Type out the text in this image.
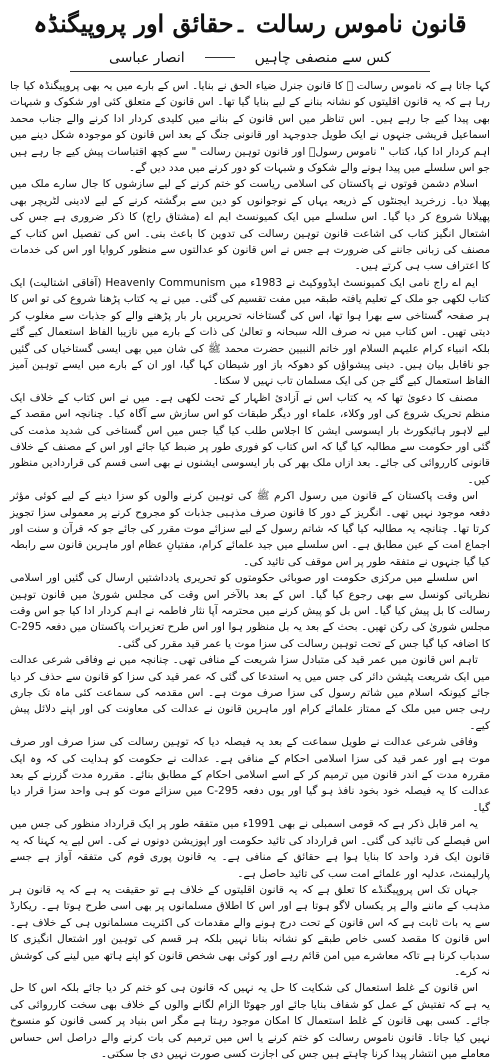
قانون ناموس رسالت ۔حقائق اور پروپیگنڈہ
کس سے منصفی چاہیں
انصار عباسی

کہا جاتا ہے کہ ناموس رسالت ﷺ کا قانون جنرل ضیاء الحق نے بنایا۔ اس کے بارے میں یہ بھی پروپیگنڈہ کیا جا رہا ہے کہ یہ قانون اقلیتوں کو نشانہ بنانے کے لیے بنایا گیا تھا۔ اس قانون کے متعلق کئی اور شکوک و شبہات بھی پیدا کیے جا رہے ہیں۔ اس تناظر میں اس قانون کے بنانے میں کلیدی کردار ادا کرنے والے جناب محمد اسماعیل قریشی جنہوں نے ایک طویل جدوجہد اور قانونی جنگ کے بعد اس قانون کو موجودہ شکل دینے میں اہم کردار ادا کیا، کتاب " ناموس رسولؐ اور قانون توہین رسالت " سے کچھ اقتباسات پیش کیے جا رہے ہیں جو اس سلسلے میں پیدا ہونے والے شکوک و شبہات کو دور کرنے میں مدد دیں گے۔

اسلام دشمن قوتوں نے پاکستان کی اسلامی ریاست کو ختم کرنے کے لیے سازشوں کا جال سارے ملک میں پھیلا دیا۔ زرخرید ایجنٹوں کے ذریعہ یہاں کے نوجوانوں کو دین سے برگشتہ کرنے کے لیے لادینی لٹریچر بھی پھیلانا شروع کر دیا گیا۔ اس سلسلے میں ایک کمیونسٹ ایم اے (مشتاق راج) کا ذکر ضروری ہے جس کی اشتعال انگیز کتاب کی اشاعت قانون توہین رسالت کی تدوین کا باعث بنی۔ اس کی تفصیل اس کتاب کے مصنف کی زبانی جاننے کی ضرورت ہے جس نے اس قانون کو عدالتوں سے منظور کروایا اور اس کی خدمات کا اعتراف سب ہی کرتے ہیں۔

ایم اے راج نامی ایک کمیونسٹ ایڈووکیٹ نے 1983ء میں Heavenly Communism (آفاقی اشتالیت) ایک کتاب لکھی جو ملک کے تعلیم یافتہ طبقہ میں مفت تقسیم کی گئی۔ میں نے یہ کتاب پڑھنا شروع کی تو اس کا ہر صفحہ گستاخی سے بھرا ہوا تھا، اس کی گستاخانہ تحریریں بار بار پڑھنے والے کو جذبات سے مغلوب کر دیتی تھیں۔ اس کتاب میں نہ صرف اللہ سبحانہ و تعالیٰ کی ذات کے بارے میں نازیبا الفاظ استعمال کیے گئے بلکہ انبیاء کرام علیہم السلام اور خاتم النبیین حضرت محمد ﷺ کی شان میں بھی ایسی گستاخیاں کی گئیں جو ناقابل بیان ہیں۔ دینی پیشواؤں کو دھوکہ باز اور شیطان کہا گیا، اور ان کے بارے میں ایسے توہین آمیز الفاظ استعمال کیے گئے جن کی ایک مسلمان تاب نہیں لا سکتا۔

مصنف کا دعویٰ تھا کہ یہ کتاب اس نے آزادیٔ اظہار کے تحت لکھی ہے۔ میں نے اس کتاب کے خلاف ایک منظم تحریک شروع کی اور وکلاء، علماء اور دیگر طبقات کو اس سازش سے آگاہ کیا۔ چنانچہ اس مقصد کے لیے لاہور ہائیکورٹ بار ایسوسی ایشن کا اجلاس طلب کیا گیا جس میں اس گستاخی کی شدید مذمت کی گئی اور حکومت سے مطالبہ کیا گیا کہ اس کتاب کو فوری طور پر ضبط کیا جائے اور اس کے مصنف کے خلاف قانونی کارروائی کی جائے۔ بعد ازاں ملک بھر کی بار ایسوسی ایشنوں نے بھی اسی قسم کی قراردادیں منظور کیں۔

اس وقت پاکستان کے قانون میں رسول اکرم ﷺ کی توہین کرنے والوں کو سزا دینے کے لیے کوئی مؤثر دفعہ موجود نہیں تھی۔ انگریز کے دور کا قانون صرف مذہبی جذبات کو مجروح کرنے پر معمولی سزا تجویز کرتا تھا۔ چنانچہ یہ مطالبہ کیا گیا کہ شاتم رسول کے لیے سزائے موت مقرر کی جائے جو کہ قرآن و سنت اور اجماع امت کے عین مطابق ہے۔ اس سلسلے میں جید علمائے کرام، مفتیانِ عظام اور ماہرین قانون سے رابطہ کیا گیا جنہوں نے متفقہ طور پر اس موقف کی تائید کی۔

اس سلسلے میں مرکزی حکومت اور صوبائی حکومتوں کو تحریری یادداشتیں ارسال کی گئیں اور اسلامی نظریاتی کونسل سے بھی رجوع کیا گیا۔ اس کے بعد بالآخر اس وقت کی مجلس شوریٰ میں قانون توہین رسالت کا بل پیش کیا گیا۔ اس بل کو پیش کرنے میں محترمہ آپا نثار فاطمہ نے اہم کردار ادا کیا جو اس وقت مجلس شوریٰ کی رکن تھیں۔ بحث کے بعد یہ بل منظور ہوا اور اس طرح تعزیرات پاکستان میں دفعہ 295-C کا اضافہ کیا گیا جس کے تحت توہین رسالت کی سزا موت یا عمر قید مقرر کی گئی۔

تاہم اس قانون میں عمر قید کی متبادل سزا شریعت کے منافی تھی۔ چنانچہ میں نے وفاقی شرعی عدالت میں ایک شریعت پٹیشن دائر کی جس میں یہ استدعا کی گئی کہ عمر قید کی سزا کو قانون سے حذف کر دیا جائے کیونکہ اسلام میں شاتم رسول کی سزا صرف موت ہے۔ اس مقدمہ کی سماعت کئی ماہ تک جاری رہی جس میں ملک کے ممتاز علمائے کرام اور ماہرین قانون نے عدالت کی معاونت کی اور اپنے دلائل پیش کیے۔

وفاقی شرعی عدالت نے طویل سماعت کے بعد یہ فیصلہ دیا کہ توہین رسالت کی سزا صرف اور صرف موت ہے اور عمر قید کی سزا اسلامی احکام کے منافی ہے۔ عدالت نے حکومت کو ہدایت کی کہ وہ ایک مقررہ مدت کے اندر قانون میں ترمیم کر کے اسے اسلامی احکام کے مطابق بنائے۔ مقررہ مدت گزرنے کے بعد عدالت کا یہ فیصلہ خود بخود نافذ ہو گیا اور یوں دفعہ 295-C میں سزائے موت کو ہی واحد سزا قرار دیا گیا۔

یہ امر قابل ذکر ہے کہ قومی اسمبلی نے بھی 1991ء میں متفقہ طور پر ایک قرارداد منظور کی جس میں اس فیصلے کی تائید کی گئی۔ اس قرارداد کی تائید حکومت اور اپوزیشن دونوں نے کی۔ اس لیے یہ کہنا کہ یہ قانون ایک فرد واحد کا بنایا ہوا ہے حقائق کے منافی ہے۔ یہ قانون پوری قوم کی متفقہ آواز ہے جسے پارلیمنٹ، عدلیہ اور علمائے امت سب کی تائید حاصل ہے۔

جہاں تک اس پروپیگنڈے کا تعلق ہے کہ یہ قانون اقلیتوں کے خلاف ہے تو حقیقت یہ ہے کہ یہ قانون ہر مذہب کے ماننے والے پر یکساں لاگو ہوتا ہے اور اس کا اطلاق مسلمانوں پر بھی اسی طرح ہوتا ہے۔ ریکارڈ سے یہ بات ثابت ہے کہ اس قانون کے تحت درج ہونے والے مقدمات کی اکثریت مسلمانوں ہی کے خلاف ہے۔ اس قانون کا مقصد کسی خاص طبقے کو نشانہ بنانا نہیں بلکہ ہر قسم کی توہین اور اشتعال انگیزی کا سدباب کرنا ہے تاکہ معاشرے میں امن قائم رہے اور کوئی بھی شخص قانون کو اپنے ہاتھ میں لینے کی کوشش نہ کرے۔

اس قانون کے غلط استعمال کی شکایت کا حل یہ نہیں کہ قانون ہی کو ختم کر دیا جائے بلکہ اس کا حل یہ ہے کہ تفتیش کے عمل کو شفاف بنایا جائے اور جھوٹا الزام لگانے والوں کے خلاف بھی سخت کارروائی کی جائے۔ کسی بھی قانون کے غلط استعمال کا امکان موجود رہتا ہے مگر اس بنیاد پر کسی قانون کو منسوخ نہیں کیا جاتا۔ قانون ناموس رسالت کو ختم کرنے یا اس میں ترمیم کی بات کرنے والے دراصل اس حساس معاملے میں انتشار پیدا کرنا چاہتے ہیں جس کی اجازت کسی صورت نہیں دی جا سکتی۔
